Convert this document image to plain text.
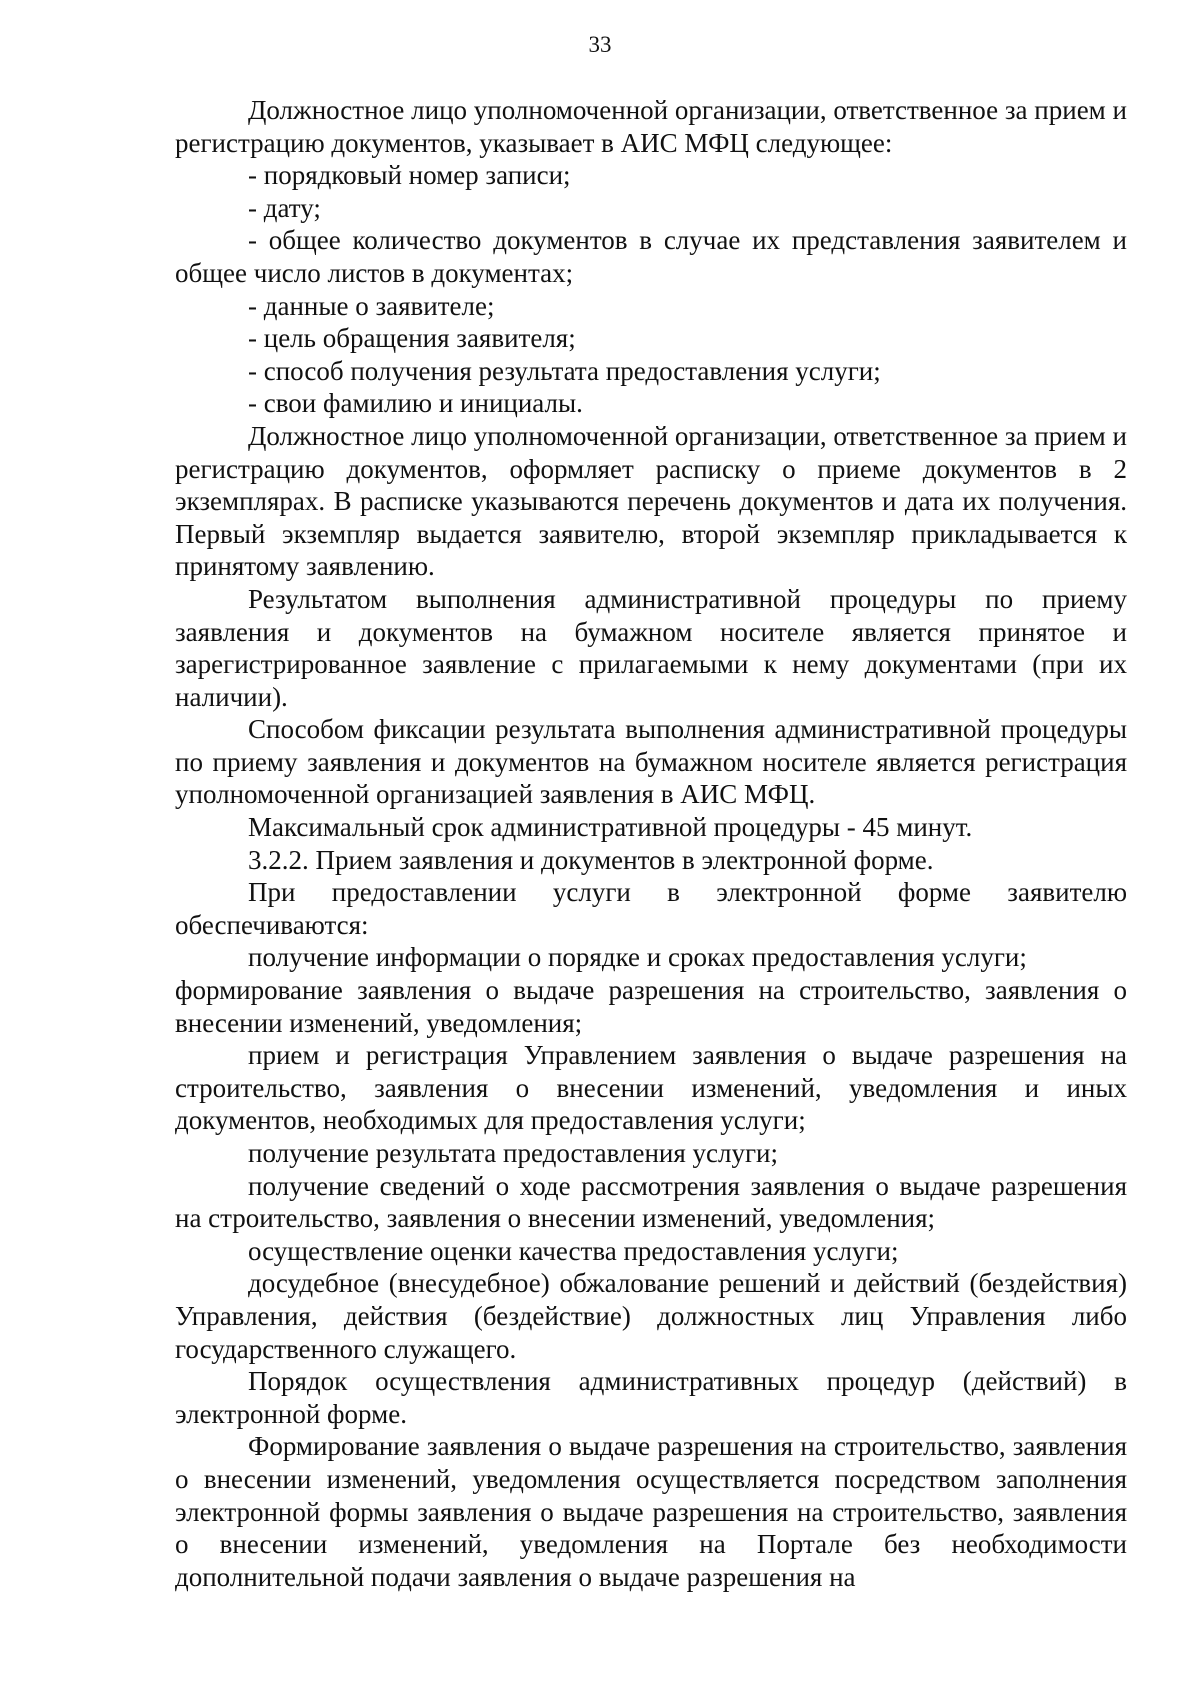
33

Должностное лицо уполномоченной организации, ответственное за прием и регистрацию документов, указывает в АИС МФЦ следующее:

- порядковый номер записи;

- дату;

- общее количество документов в случае их представления заявителем и общее число листов в документах;

- данные о заявителе;

- цель обращения заявителя;

- способ получения результата предоставления услуги;

- свои фамилию и инициалы.

Должностное лицо уполномоченной организации, ответственное за прием и регистрацию документов, оформляет расписку о приеме документов в 2 экземплярах. В расписке указываются перечень документов и дата их получения. Первый экземпляр выдается заявителю, второй экземпляр прикладывается к принятому заявлению.

Результатом выполнения административной процедуры по приему заявления и документов на бумажном носителе является принятое и зарегистрированное заявление с прилагаемыми к нему документами (при их наличии).

Способом фиксации результата выполнения административной процедуры по приему заявления и документов на бумажном носителе является регистрация уполномоченной организацией заявления в АИС МФЦ.

Максимальный срок административной процедуры - 45 минут.

3.2.2. Прием заявления и документов в электронной форме.

При предоставлении услуги в электронной форме заявителю обеспечиваются:

получение информации о порядке и сроках предоставления услуги;

формирование заявления о выдаче разрешения на строительство, заявления о внесении изменений, уведомления;

прием и регистрация Управлением заявления о выдаче разрешения на строительство, заявления о внесении изменений, уведомления и иных документов, необходимых для предоставления услуги;

получение результата предоставления услуги;

получение сведений о ходе рассмотрения заявления о выдаче разрешения на строительство, заявления о внесении изменений, уведомления;

осуществление оценки качества предоставления услуги;

досудебное (внесудебное) обжалование решений и действий (бездействия) Управления, действия (бездействие) должностных лиц Управления либо государственного служащего.

Порядок осуществления административных процедур (действий) в электронной форме.

Формирование заявления о выдаче разрешения на строительство, заявления о внесении изменений, уведомления осуществляется посредством заполнения электронной формы заявления о выдаче разрешения на строительство, заявления о внесении изменений, уведомления на Портале без необходимости дополнительной подачи заявления о выдаче разрешения на
